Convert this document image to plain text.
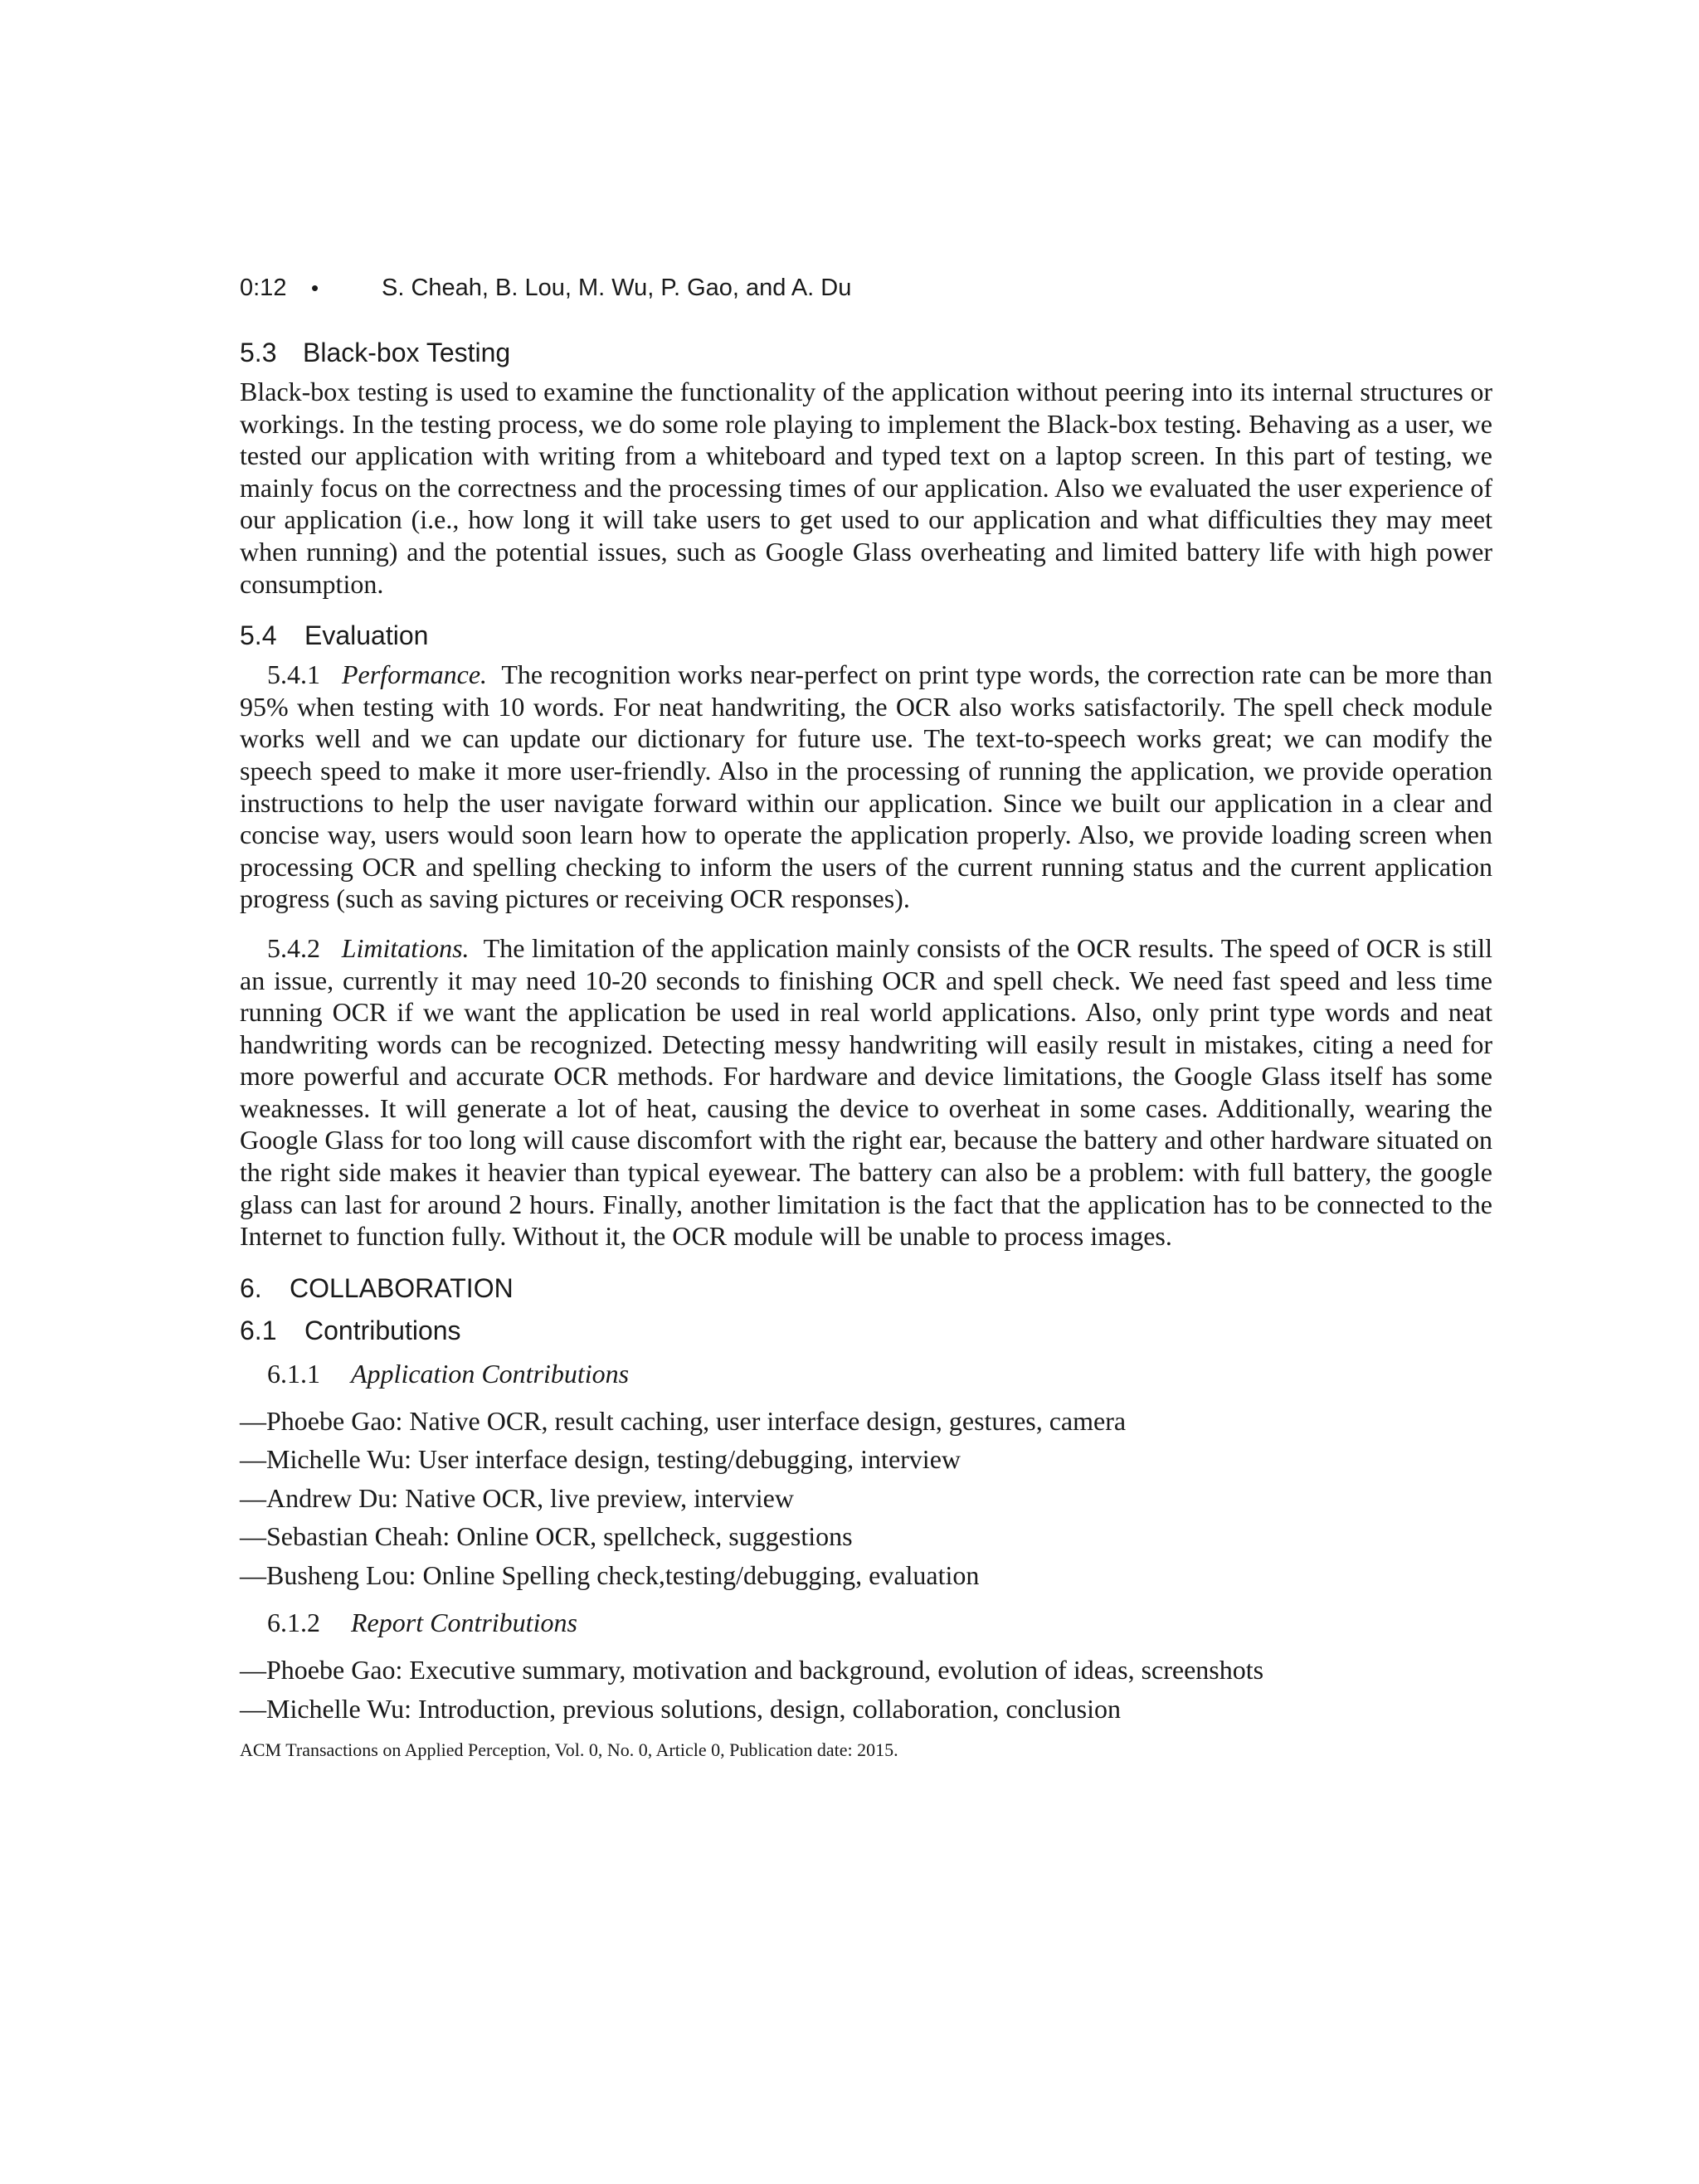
0:12	•	S. Cheah, B. Lou, M. Wu, P. Gao, and A. Du
5.3 Black-box Testing

Black-box testing is used to examine the functionality of the application without peering into its internal structures or workings. In the testing process, we do some role playing to implement the Black-box testing. Behaving as a user, we tested our application with writing from a whiteboard and typed text on a laptop screen. In this part of testing, we mainly focus on the correctness and the processing times of our application. Also we evaluated the user experience of our application (i.e., how long it will take users to get used to our application and what difficulties they may meet when running) and the potential issues, such as Google Glass overheating and limited battery life with high power consumption.

5.4 Evaluation

5.4.1 Performance. The recognition works near-perfect on print type words, the correction rate can be more than 95% when testing with 10 words. For neat handwriting, the OCR also works satisfactorily. The spell check module works well and we can update our dictionary for future use. The text-to-speech works great; we can modify the speech speed to make it more user-friendly. Also in the processing of running the application, we provide operation instructions to help the user navigate forward within our application. Since we built our application in a clear and concise way, users would soon learn how to operate the application properly. Also, we provide loading screen when processing OCR and spelling checking to inform the users of the current running status and the current application progress (such as saving pictures or receiving OCR responses).

5.4.2 Limitations. The limitation of the application mainly consists of the OCR results. The speed of OCR is still an issue, currently it may need 10-20 seconds to finishing OCR and spell check. We need fast speed and less time running OCR if we want the application be used in real world applications. Also, only print type words and neat handwriting words can be recognized. Detecting messy handwriting will easily result in mistakes, citing a need for more powerful and accurate OCR methods. For hardware and device limitations, the Google Glass itself has some weaknesses. It will generate a lot of heat, causing the device to overheat in some cases. Additionally, wearing the Google Glass for too long will cause discomfort with the right ear, because the battery and other hardware situated on the right side makes it heavier than typical eyewear. The battery can also be a problem: with full battery, the google glass can last for around 2 hours. Finally, another limitation is the fact that the application has to be connected to the Internet to function fully. Without it, the OCR module will be unable to process images.

6. COLLABORATION
6.1 Contributions
6.1.1 Application Contributions
—Phoebe Gao: Native OCR, result caching, user interface design, gestures, camera
—Michelle Wu: User interface design, testing/debugging, interview
—Andrew Du: Native OCR, live preview, interview
—Sebastian Cheah: Online OCR, spellcheck, suggestions
—Busheng Lou: Online Spelling check,testing/debugging, evaluation
6.1.2 Report Contributions
—Phoebe Gao: Executive summary, motivation and background, evolution of ideas, screenshots
—Michelle Wu: Introduction, previous solutions, design, collaboration, conclusion
ACM Transactions on Applied Perception, Vol. 0, No. 0, Article 0, Publication date: 2015.
